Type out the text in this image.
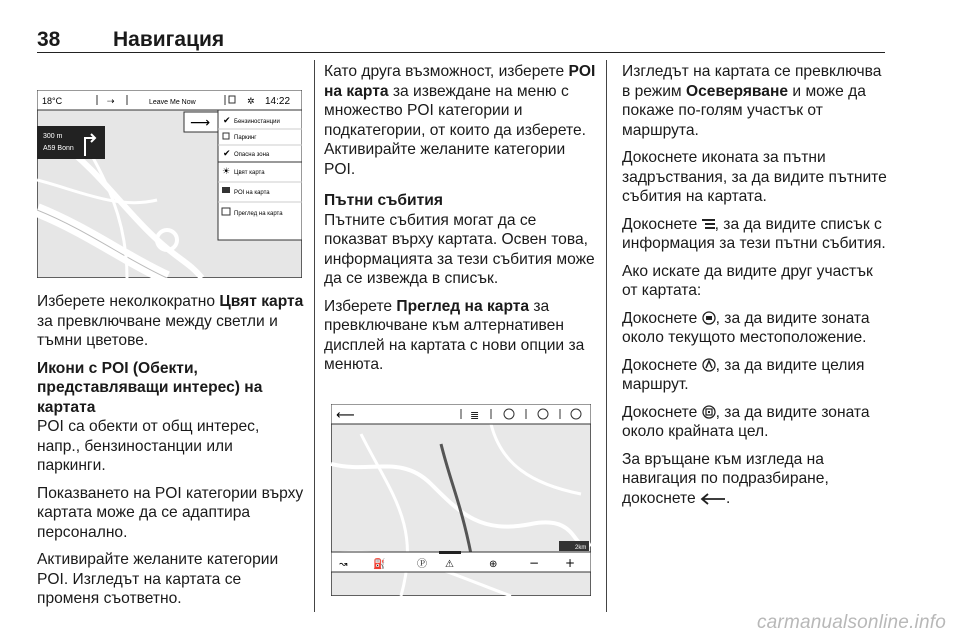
38	Навигация
18°C	⇢	Leave Me Now	✲ 14:22
300 m
A59 Bonn
⟶ ✔ Бензиностанции
Паркинг
✔ Опасна зона
☀ Цвят карта
POI на карта
Преглед на карта

Изберете неколкократно Цвят карта за превключване между светли и тъмни цветове.

Икони с POI (Обекти, представляващи интерес) на картата

POI са обекти от общ интерес, напр., бензиностанции или паркинги.

Показването на POI категории върху картата може да се адаптира персонално.

Активирайте желаните категории POI. Изгледът на картата се променя съответно.

Като друга възможност, изберете POI на карта за извеждане на меню с множество POI категории и подкатегории, от които да изберете. Активирайте желаните категории POI.

Пътни събития

Пътните събития могат да се показват върху картата. Освен това, информацията за тези събития може да се извежда в списък.

Изберете Преглед на карта за превключване към алтернативен дисплей на картата с нови опции за менюта.

⟵	≣
2km
↝	⛽	Ⓟ ⚠	⊕	− +

Изгледът на картата се превключва в режим Осеверяване и може да покаже по-голям участък от маршрута.

Докоснете иконата за пътни задръствания, за да видите пътните събития на картата.

Докоснете , за да видите списък с информация за тези пътни събития.

Ако искате да видите друг участък от картата:

Докоснете , за да видите зоната около текущото местоположение.

Докоснете , за да видите целия маршрут.

Докоснете , за да видите зоната около крайната цел.

За връщане към изгледа на навигация по подразбиране, докоснете .

carmanualsonline.info
